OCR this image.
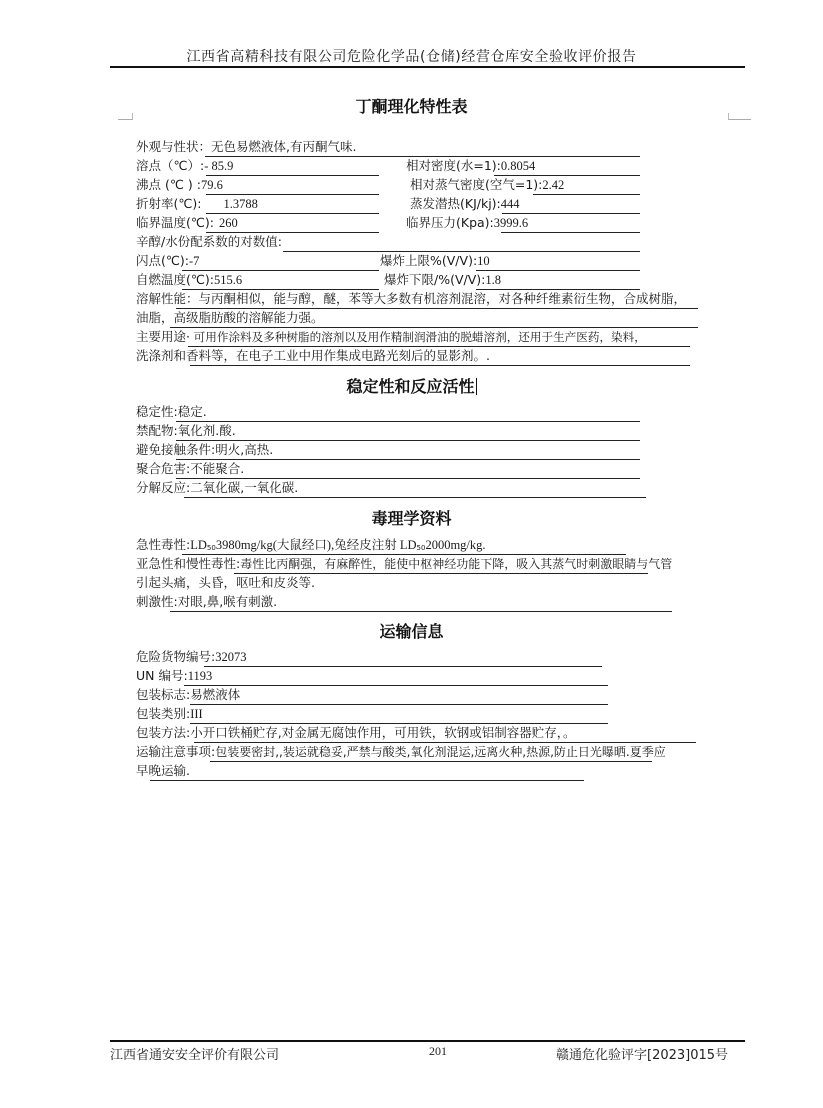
江西省高精科技有限公司危险化学品(仓储)经营仓库安全验收评价报告
丁酮理化特性表
外观与性状：无色易燃液体,有丙酮气味.
溶点（℃）:- 85.9	相对密度(水=1):0.8054
沸点 (℃ ) :79.6	相对蒸气密度(空气=1):2.42
折射率(℃): 1.3788	蒸发潜热(KJ/kj):444
临界温度(℃): 260	临界压力(Kpa):3999.6
辛醇/水份配系数的对数值:
闪点(℃):-7	爆炸上限%(V/V):10
自燃温度(℃):515.6	爆炸下限/%(V/V):1.8
溶解性能：与丙酮相似，能与醇，醚，苯等大多数有机溶剂混溶，对各种纤维素衍生物，合成树脂，
油脂，高级脂肪酸的溶解能力强。
主要用途· 可用作涂料及多种树脂的溶剂以及用作精制润滑油的脱蜡溶剂，还用于生产医药，染料，
洗涤剂和香料等，在电子工业中用作集成电路光刻后的显影剂。.
稳定性和反应活性
稳定性:稳定.
禁配物:氧化剂.酸.
避免接触条件:明火,高热.
聚合危害:不能聚合.
分解反应:二氧化碳,一氧化碳.
毒理学资料
急性毒性:LD503980mg/kg(大鼠经口),兔经皮注射 LD502000mg/kg.
亚急性和慢性毒性:毒性比丙酮强，有麻醉性，能使中枢神经功能下降，吸入其蒸气时刺激眼睛与气管
引起头痛，头昏，呕吐和皮炎等.
刺激性:对眼,鼻,喉有刺激.
运输信息
危险货物编号:32073
UN 编号:1193
包装标志:易燃液体
包装类别:III
包装方法:小开口铁桶贮存,对金属无腐蚀作用，可用铁，软钢或铝制容器贮存，。
运输注意事项:包装要密封,,装运就稳妥,严禁与酸类,氧化剂混运,远离火种,热源,防止日光曝晒.夏季应
早晚运输.
江西省通安安全评价有限公司	201	赣通危化验评字[2023]015号
